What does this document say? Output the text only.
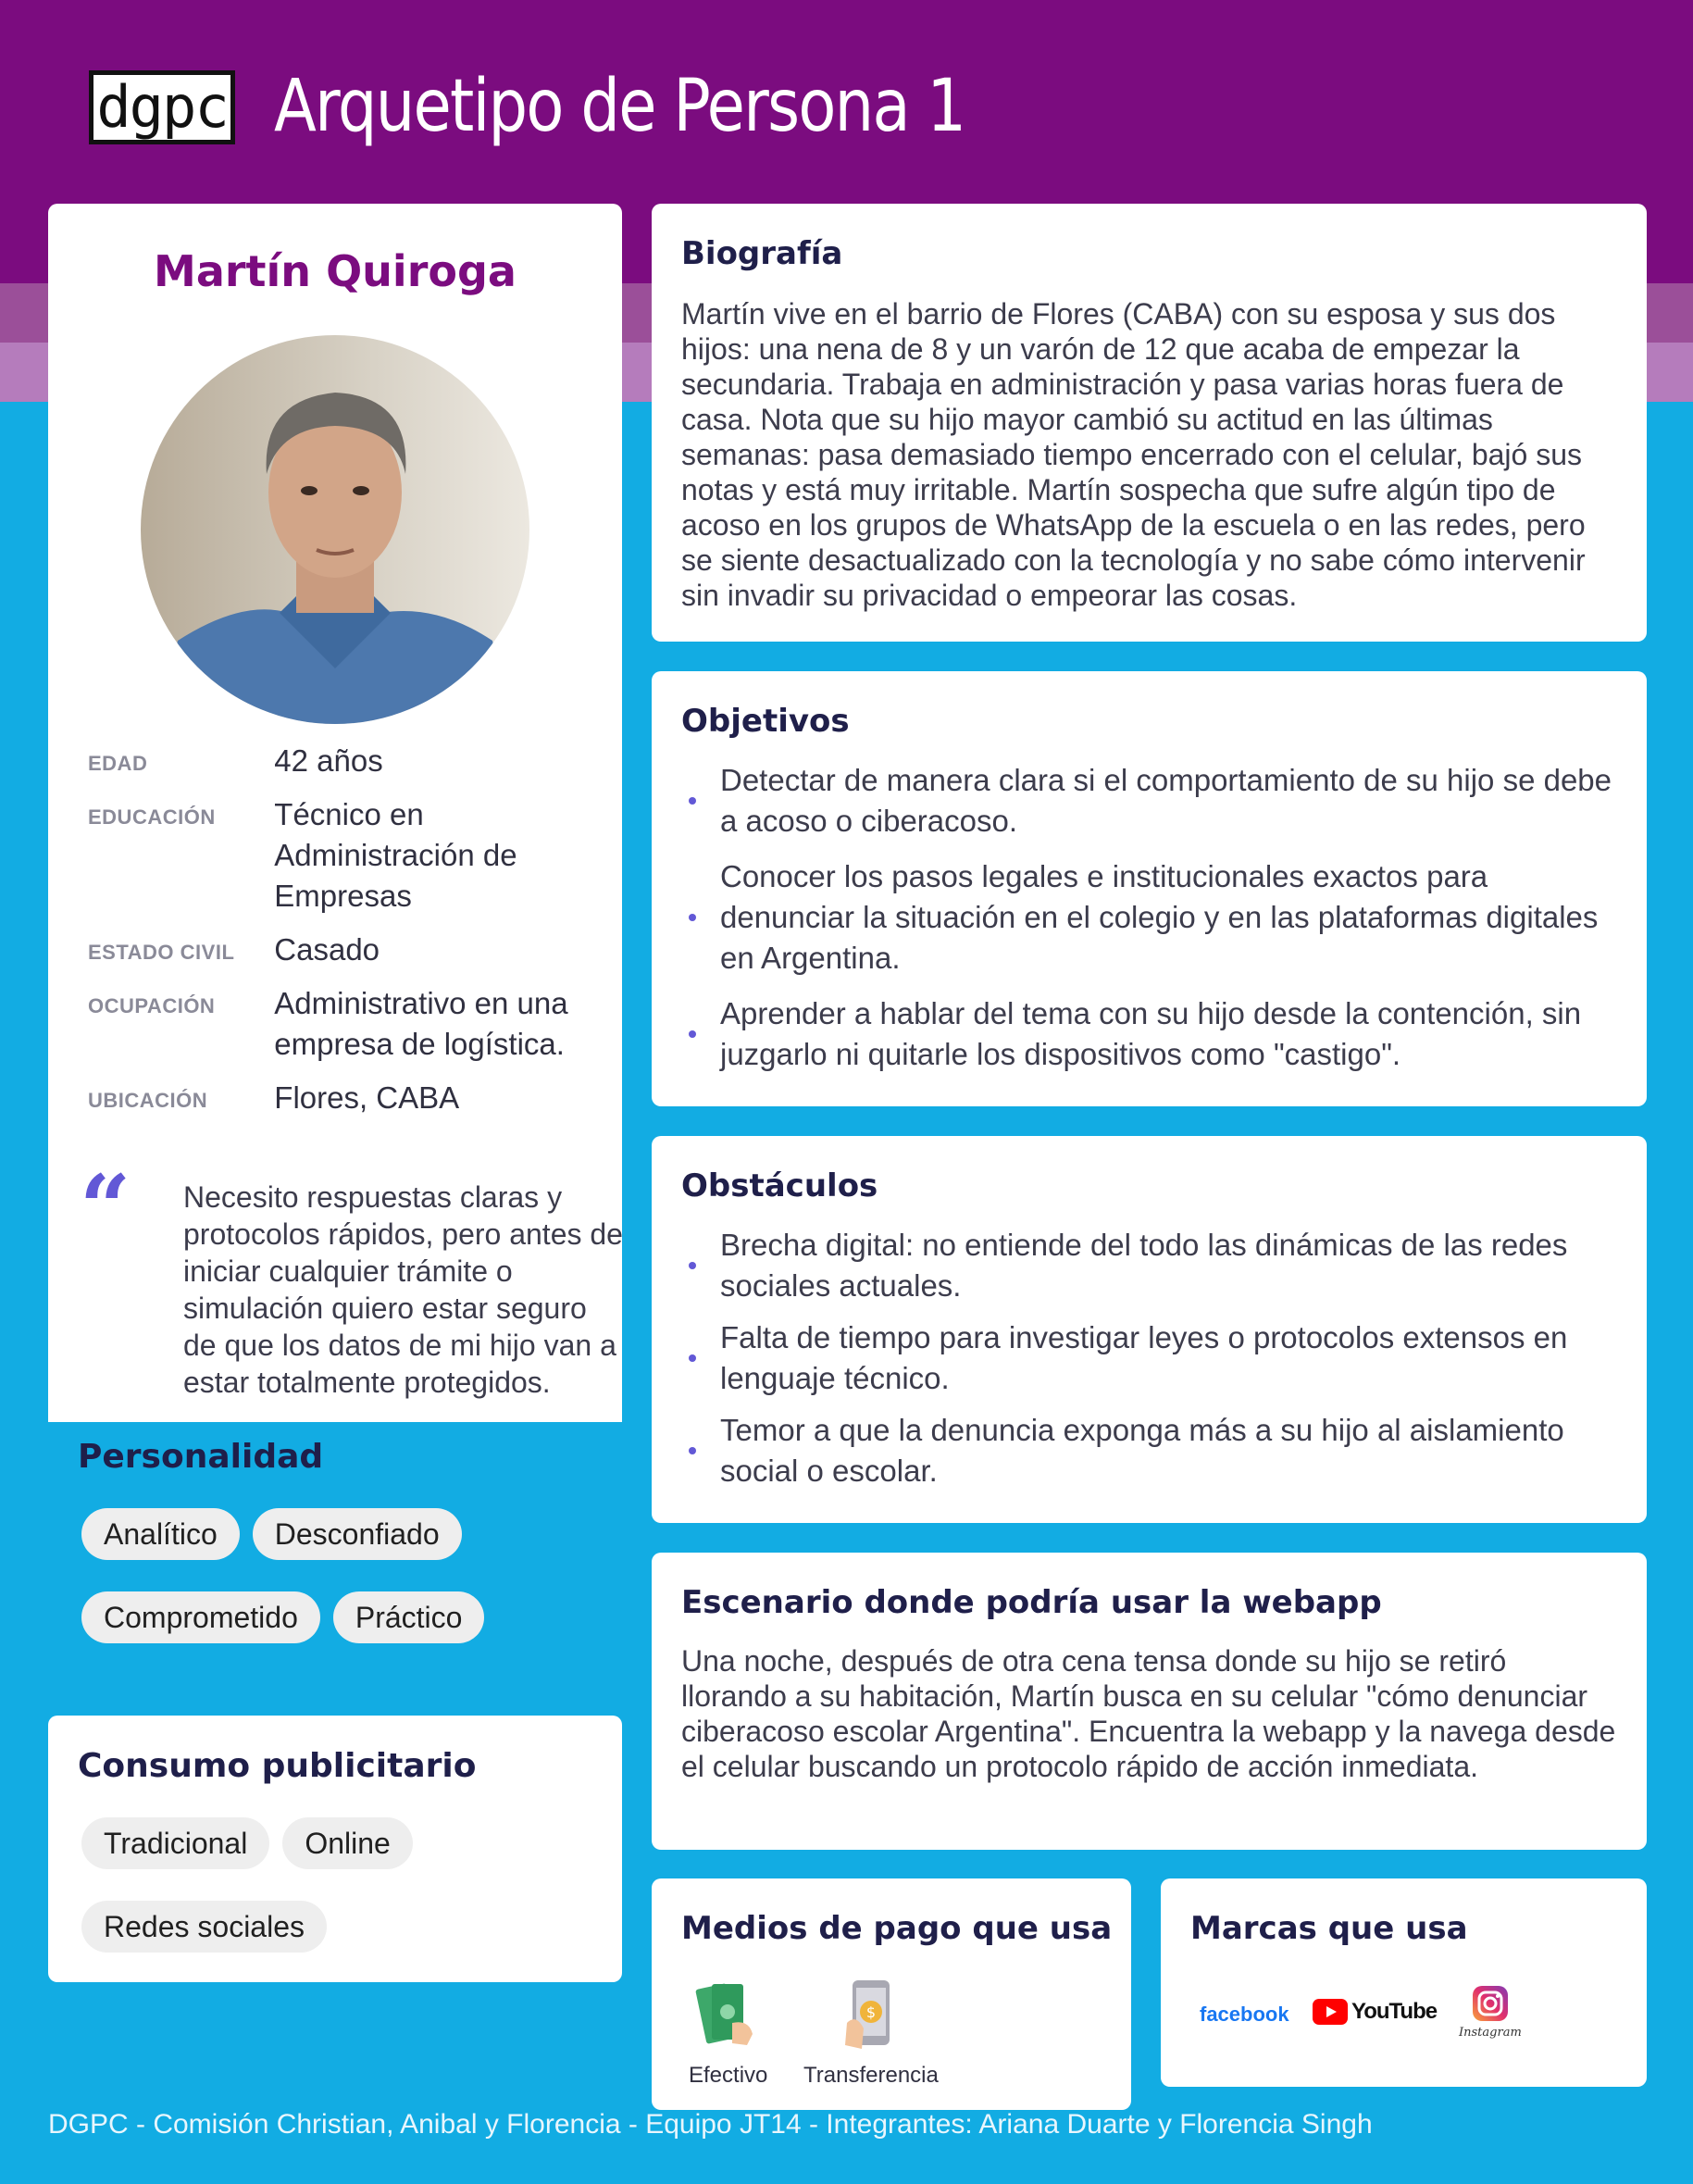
dgpc Arquetipo de Persona 1
Martín Quiroga
EDAD	42 años
EDUCACIÓN	Técnico en Administración de Empresas
ESTADO CIVIL	Casado
OCUPACIÓN	Administrativo en una empresa de logística.
UBICACIÓN	Flores, CABA
“ Necesito respuestas claras y protocolos rápidos, pero antes de iniciar cualquier trámite o simulación quiero estar seguro de que los datos de mi hijo van a estar totalmente protegidos.
Personalidad
Analítico	Desconfiado
Comprometido	Práctico
Consumo publicitario
Tradicional	Online
Redes sociales
Biografía
Martín vive en el barrio de Flores (CABA) con su esposa y sus dos hijos: una nena de 8 y un varón de 12 que acaba de empezar la secundaria. Trabaja en administración y pasa varias horas fuera de casa. Nota que su hijo mayor cambió su actitud en las últimas semanas: pasa demasiado tiempo encerrado con el celular, bajó sus notas y está muy irritable. Martín sospecha que sufre algún tipo de acoso en los grupos de WhatsApp de la escuela o en las redes, pero se siente desactualizado con la tecnología y no sabe cómo intervenir sin invadir su privacidad o empeorar las cosas.
Objetivos
Detectar de manera clara si el comportamiento de su hijo se debe a acoso o ciberacoso.
Conocer los pasos legales e institucionales exactos para denunciar la situación en el colegio y en las plataformas digitales en Argentina.
Aprender a hablar del tema con su hijo desde la contención, sin juzgarlo ni quitarle los dispositivos como "castigo".
Obstáculos
Brecha digital: no entiende del todo las dinámicas de las redes sociales actuales.
Falta de tiempo para investigar leyes o protocolos extensos en lenguaje técnico.
Temor a que la denuncia exponga más a su hijo al aislamiento social o escolar.
Escenario donde podría usar la webapp
Una noche, después de otra cena tensa donde su hijo se retiró llorando a su habitación, Martín busca en su celular "cómo denunciar ciberacoso escolar Argentina". Encuentra la webapp y la navega desde el celular buscando un protocolo rápido de acción inmediata.
Medios de pago que usa
Efectivo
$
Transferencia
Marcas que usa
facebook	YouTube
Instagram
DGPC - Comisión Christian, Anibal y Florencia - Equipo JT14 - Integrantes: Ariana Duarte y Florencia Singh
